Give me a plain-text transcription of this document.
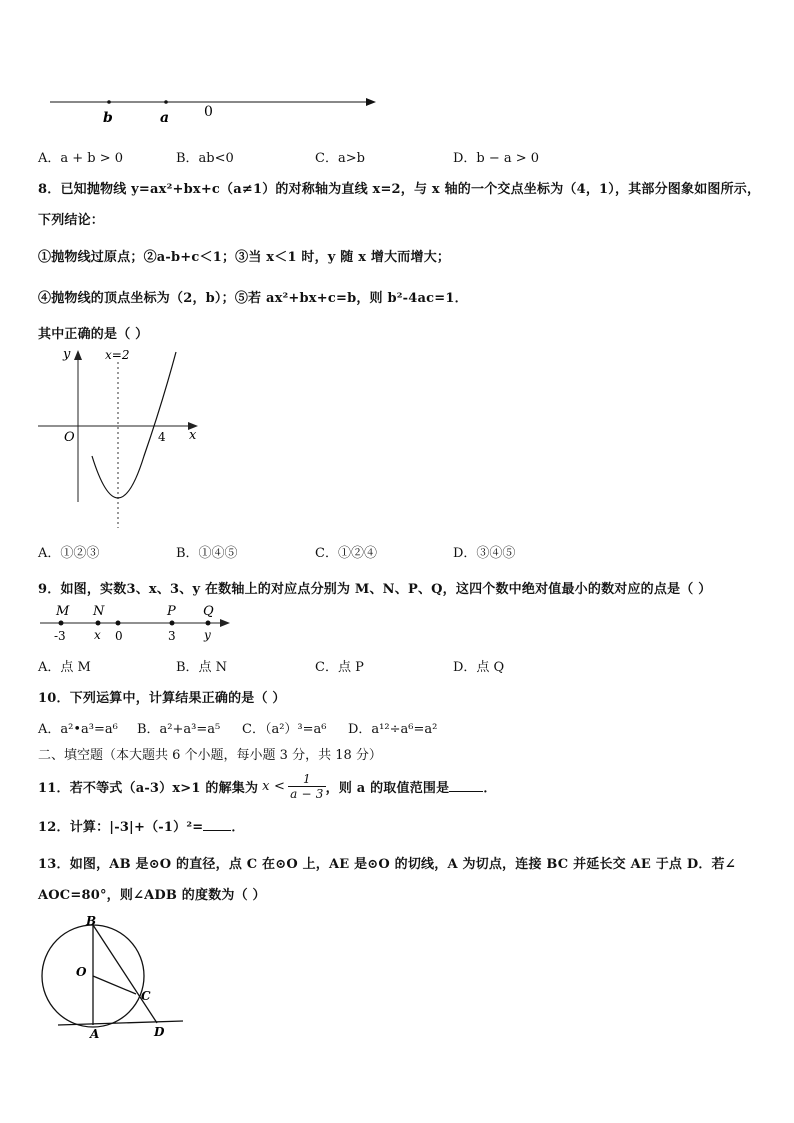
b	a 0
A．a + b > 0	B．ab<0	C．a>b	D．b − a > 0
8．已知抛物线 y=ax²+bx+c（a≠1）的对称轴为直线 x=2，与 x 轴的一个交点坐标为（4，1），其部分图象如图所示，
下列结论：
①抛物线过原点；②a-b+c＜1；③当 x＜1 时，y 随 x 增大而增大；
④抛物线的顶点坐标为（2，b）；⑤若 ax²+bx+c=b，则 b²-4ac=1．
其中正确的是（ ）
y	x=2
O	4 x
A．①②③	B．①④⑤	C．①②④	D．③④⑤
9．如图，实数3、x、3、y 在数轴上的对应点分别为 M、N、P、Q，这四个数中绝对值最小的数对应的点是（ ）
M N	P Q
-3 x 0	3 y
A．点 M	B．点 N	C．点 P	D．点 Q
10．下列运算中，计算结果正确的是（ ）
A．a²•a³=a⁶ B．a²+a³=a⁵ C．（a²）³=a⁶ D．a¹²÷a⁶=a²
二、填空题（本大题共 6 个小题，每小题 3 分，共 18 分）
11．若不等式（a-3）x>1 的解集为 $x < \frac{1}{a - 3}$ ，则 a 的取值范围是	．
12．计算：|-3|+（-1）²= ．
13．如图，AB 是⊙O 的直径，点 C 在⊙O 上，AE 是⊙O 的切线，A 为切点，连接 BC 并延长交 AE 于点 D．若∠
AOC=80°，则∠ADB 的度数为（ ）
B
O
C
A	D
